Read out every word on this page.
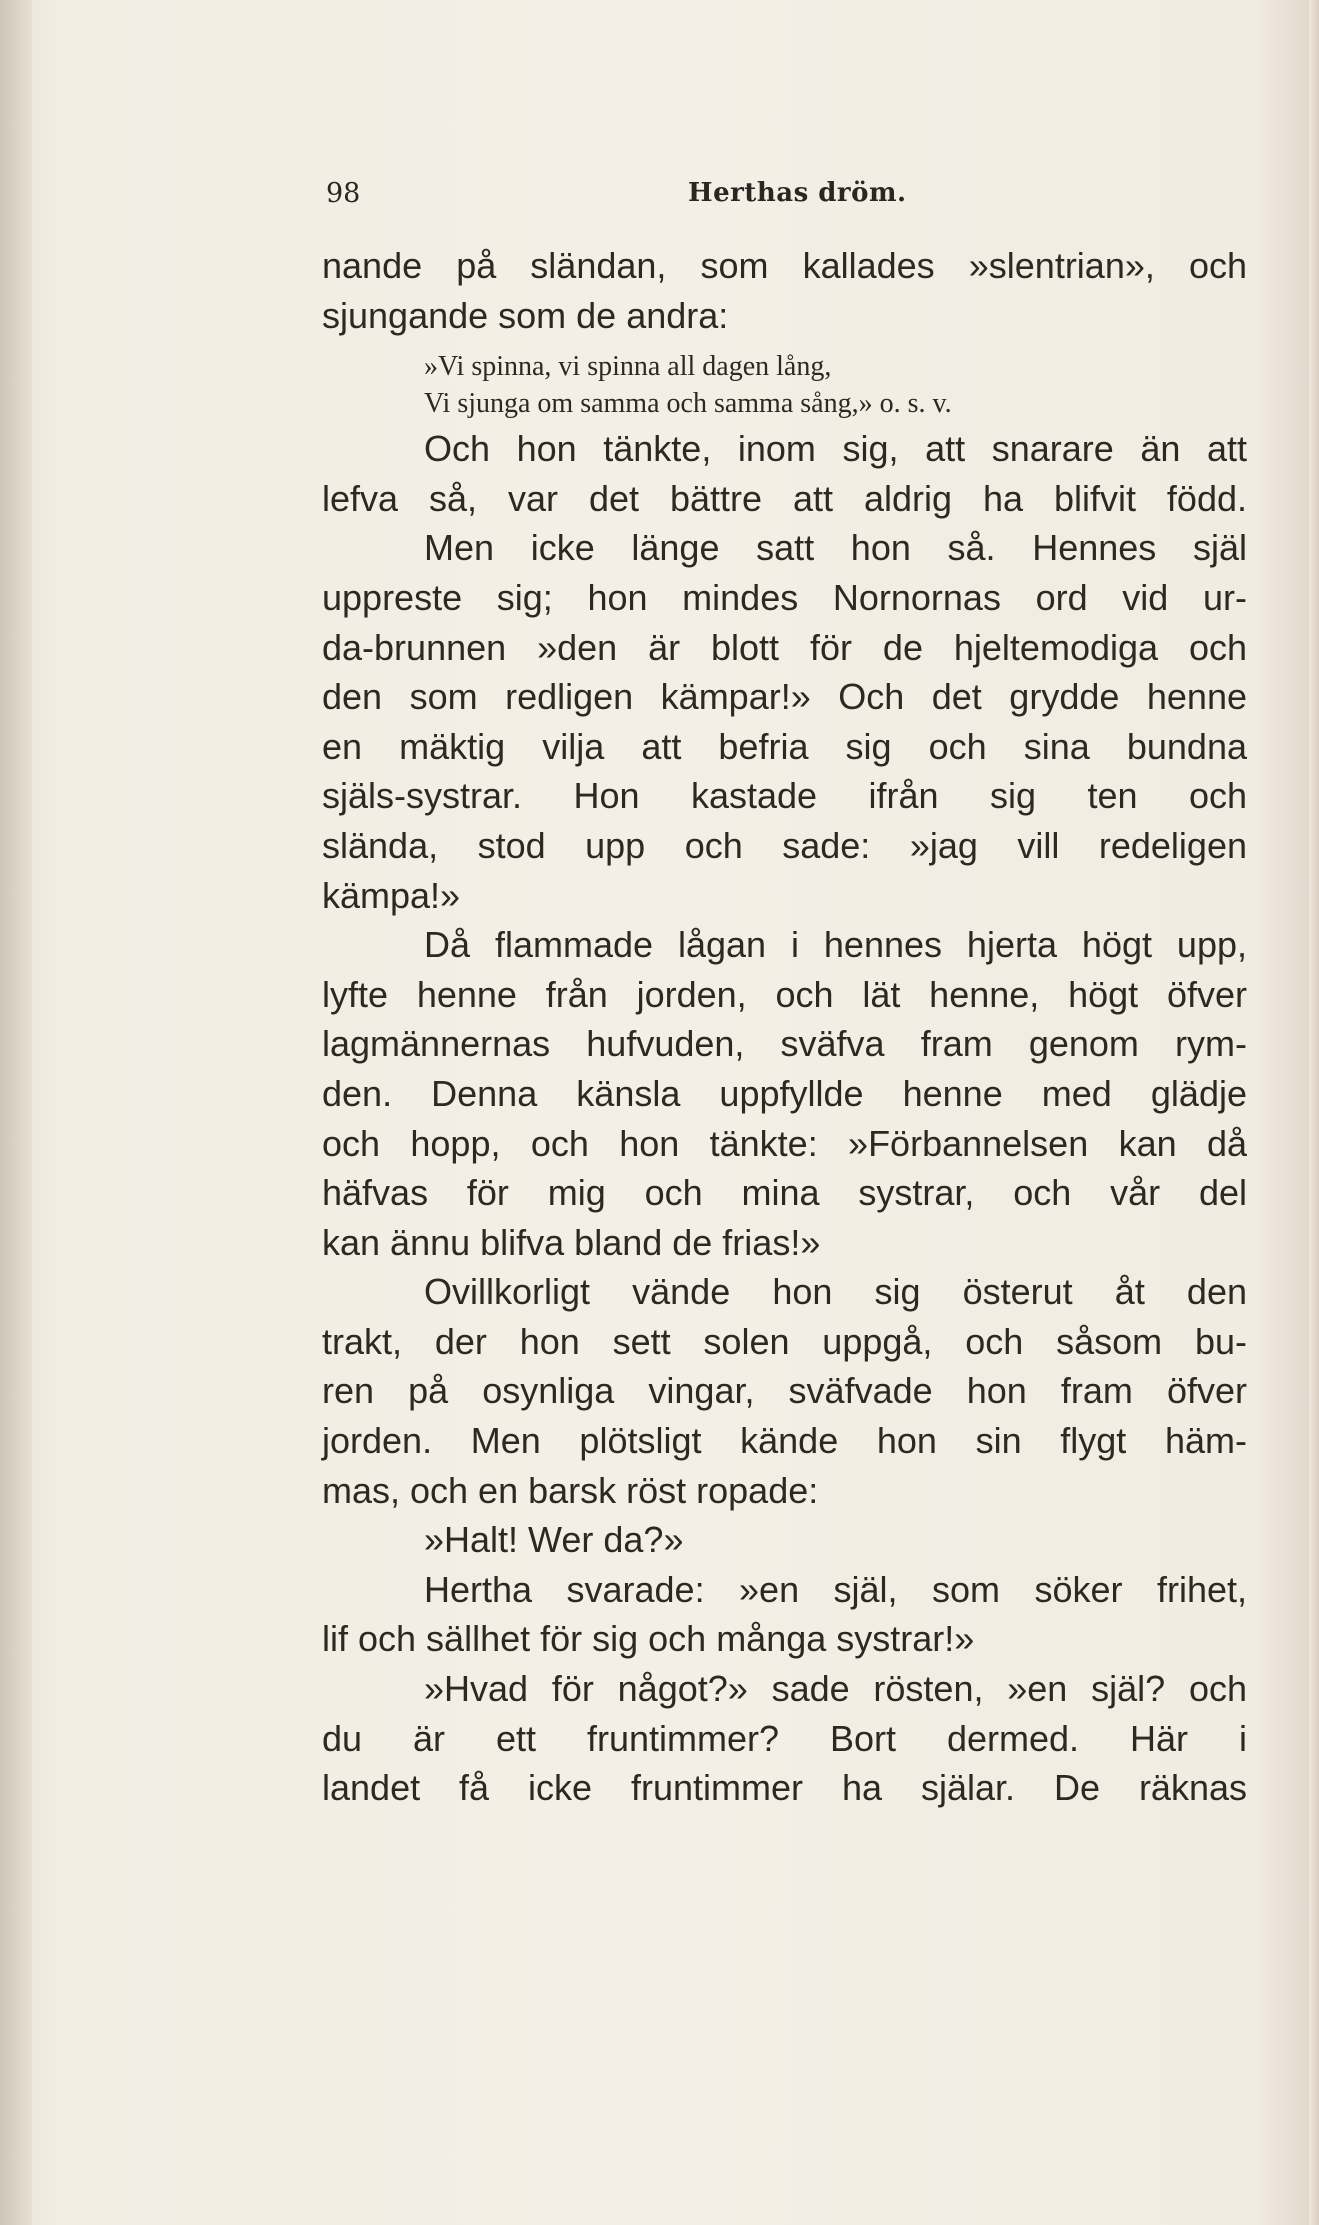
98	Herthas dröm.
nande på sländan, som kallades »slentrian», och
sjungande som de andra:
»Vi spinna, vi spinna all dagen lång,
Vi sjunga om samma och samma sång,» o. s. v.
Och hon tänkte, inom sig, att snarare än att
lefva så, var det bättre att aldrig ha blifvit född.
Men icke länge satt hon så. Hennes själ
uppreste sig; hon mindes Nornornas ord vid ur-
da-brunnen »den är blott för de hjeltemodiga och
den som redligen kämpar!» Och det grydde henne
en mäktig vilja att befria sig och sina bundna
själs-systrar. Hon kastade ifrån sig ten och
slända, stod upp och sade: »jag vill redeligen
kämpa!»
Då flammade lågan i hennes hjerta högt upp,
lyfte henne från jorden, och lät henne, högt öfver
lagmännernas hufvuden, sväfva fram genom rym-
den. Denna känsla uppfyllde henne med glädje
och hopp, och hon tänkte: »Förbannelsen kan då
häfvas för mig och mina systrar, och vår del
kan ännu blifva bland de frias!»
Ovillkorligt vände hon sig österut åt den
trakt, der hon sett solen uppgå, och såsom bu-
ren på osynliga vingar, sväfvade hon fram öfver
jorden. Men plötsligt kände hon sin flygt häm-
mas, och en barsk röst ropade:
»Halt! Wer da?»
Hertha svarade: »en själ, som söker frihet,
lif och sällhet för sig och många systrar!»
»Hvad för något?» sade rösten, »en själ? och
du är ett fruntimmer? Bort dermed. Här i
landet få icke fruntimmer ha själar. De räknas
